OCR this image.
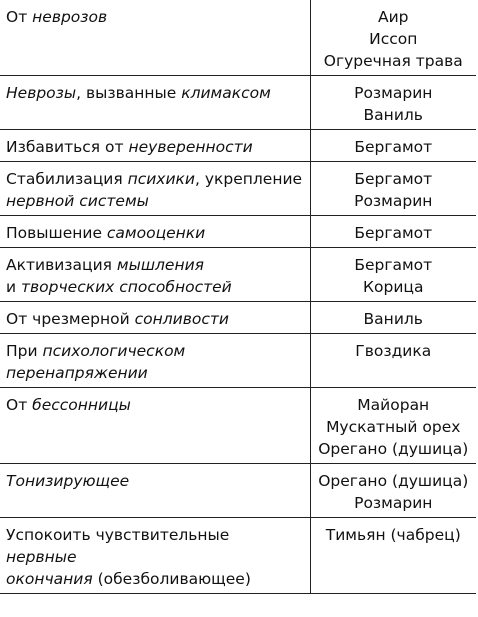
От неврозов	Аир
Иссоп
Огуречная трава

Неврозы, вызванные климаксом	Розмарин
Ваниль

Избавиться от неуверенности	Бергамот

Стабилизация психики, укрепление
нервной системы	Бергамот
Розмарин

Повышение самооценки	Бергамот

Активизация мышления
и творческих способностей	Бергамот
Корица

От чрезмерной сонливости	Ваниль

При психологическом
перенапряжении	Гвоздика

От бессонницы	Майоран
Мускатный орех
Орегано (душица)

Тонизирующее	Орегано (душица)
Розмарин

Успокоить чувствительные нервные
окончания (обезболивающее)	Тимьян (чабрец)
